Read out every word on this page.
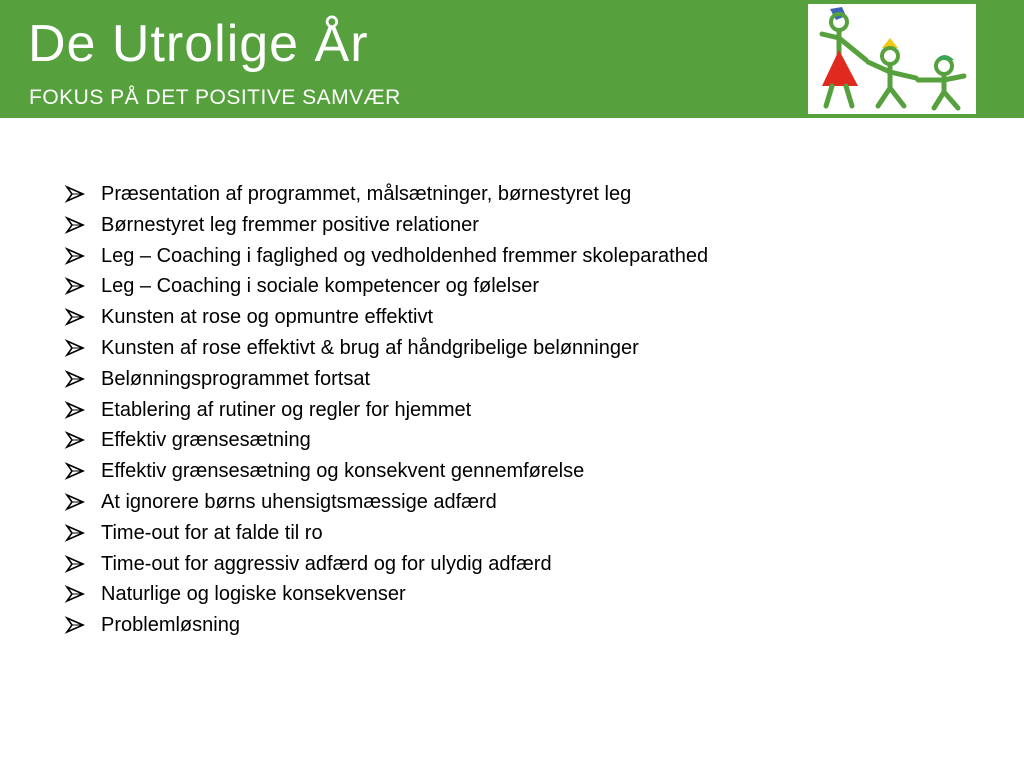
De Utrolige År
FOKUS PÅ DET POSITIVE SAMVÆR
Præsentation af programmet, målsætninger, børnestyret leg
Børnestyret leg fremmer positive relationer
Leg – Coaching i faglighed og vedholdenhed fremmer skoleparathed
Leg – Coaching i sociale kompetencer og følelser
Kunsten at rose og opmuntre effektivt
Kunsten af rose effektivt & brug af håndgribelige belønninger
Belønningsprogrammet fortsat
Etablering af rutiner og regler for hjemmet
Effektiv grænsesætning
Effektiv grænsesætning og konsekvent gennemførelse
At ignorere børns uhensigtsmæssige adfærd
Time-out for at falde til ro
Time-out for aggressiv adfærd og for ulydig adfærd
Naturlige og logiske konsekvenser
Problemløsning
